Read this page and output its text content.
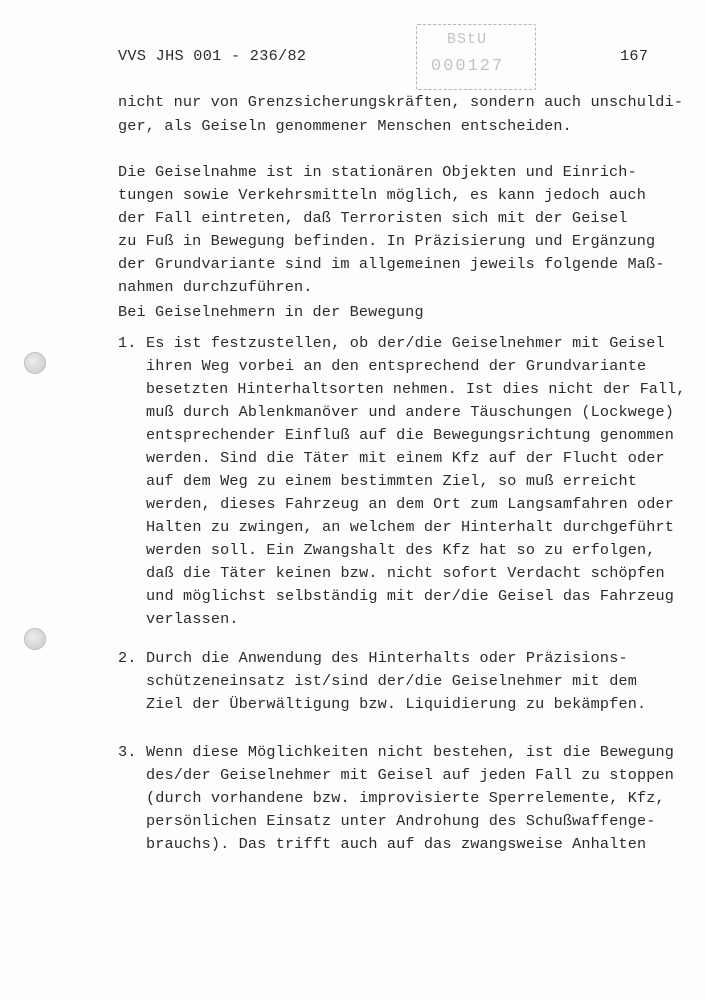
VVS JHS 001 - 236/82
BStU
000127
167
nicht nur von Grenzsicherungskräften, sondern auch unschuldi-
ger, als Geiseln genommener Menschen entscheiden.
Die Geiselnahme ist in stationären Objekten und Einrich-
tungen sowie Verkehrsmitteln möglich, es kann jedoch auch
der Fall eintreten, daß Terroristen sich mit der Geisel
zu Fuß in Bewegung befinden. In Präzisierung und Ergänzung
der Grundvariante sind im allgemeinen jeweils folgende Maß-
nahmen durchzuführen.
Bei Geiselnehmern in der Bewegung
1. Es ist festzustellen, ob der/die Geiselnehmer mit Geisel
ihren Weg vorbei an den entsprechend der Grundvariante
besetzten Hinterhaltsorten nehmen. Ist dies nicht der Fall,
muß durch Ablenkmanöver und andere Täuschungen (Lockwege)
entsprechender Einfluß auf die Bewegungsrichtung genommen
werden. Sind die Täter mit einem Kfz auf der Flucht oder
auf dem Weg zu einem bestimmten Ziel, so muß erreicht
werden, dieses Fahrzeug an dem Ort zum Langsamfahren oder
Halten zu zwingen, an welchem der Hinterhalt durchgeführt
werden soll. Ein Zwangshalt des Kfz hat so zu erfolgen,
daß die Täter keinen bzw. nicht sofort Verdacht schöpfen
und möglichst selbständig mit der/die Geisel das Fahrzeug
verlassen.
2. Durch die Anwendung des Hinterhalts oder Präzisions-
schützeneinsatz ist/sind der/die Geiselnehmer mit dem
Ziel der Überwältigung bzw. Liquidierung zu bekämpfen.
3. Wenn diese Möglichkeiten nicht bestehen, ist die Bewegung
des/der Geiselnehmer mit Geisel auf jeden Fall zu stoppen
(durch vorhandene bzw. improvisierte Sperrelemente, Kfz,
persönlichen Einsatz unter Androhung des Schußwaffenge-
brauchs). Das trifft auch auf das zwangsweise Anhalten
